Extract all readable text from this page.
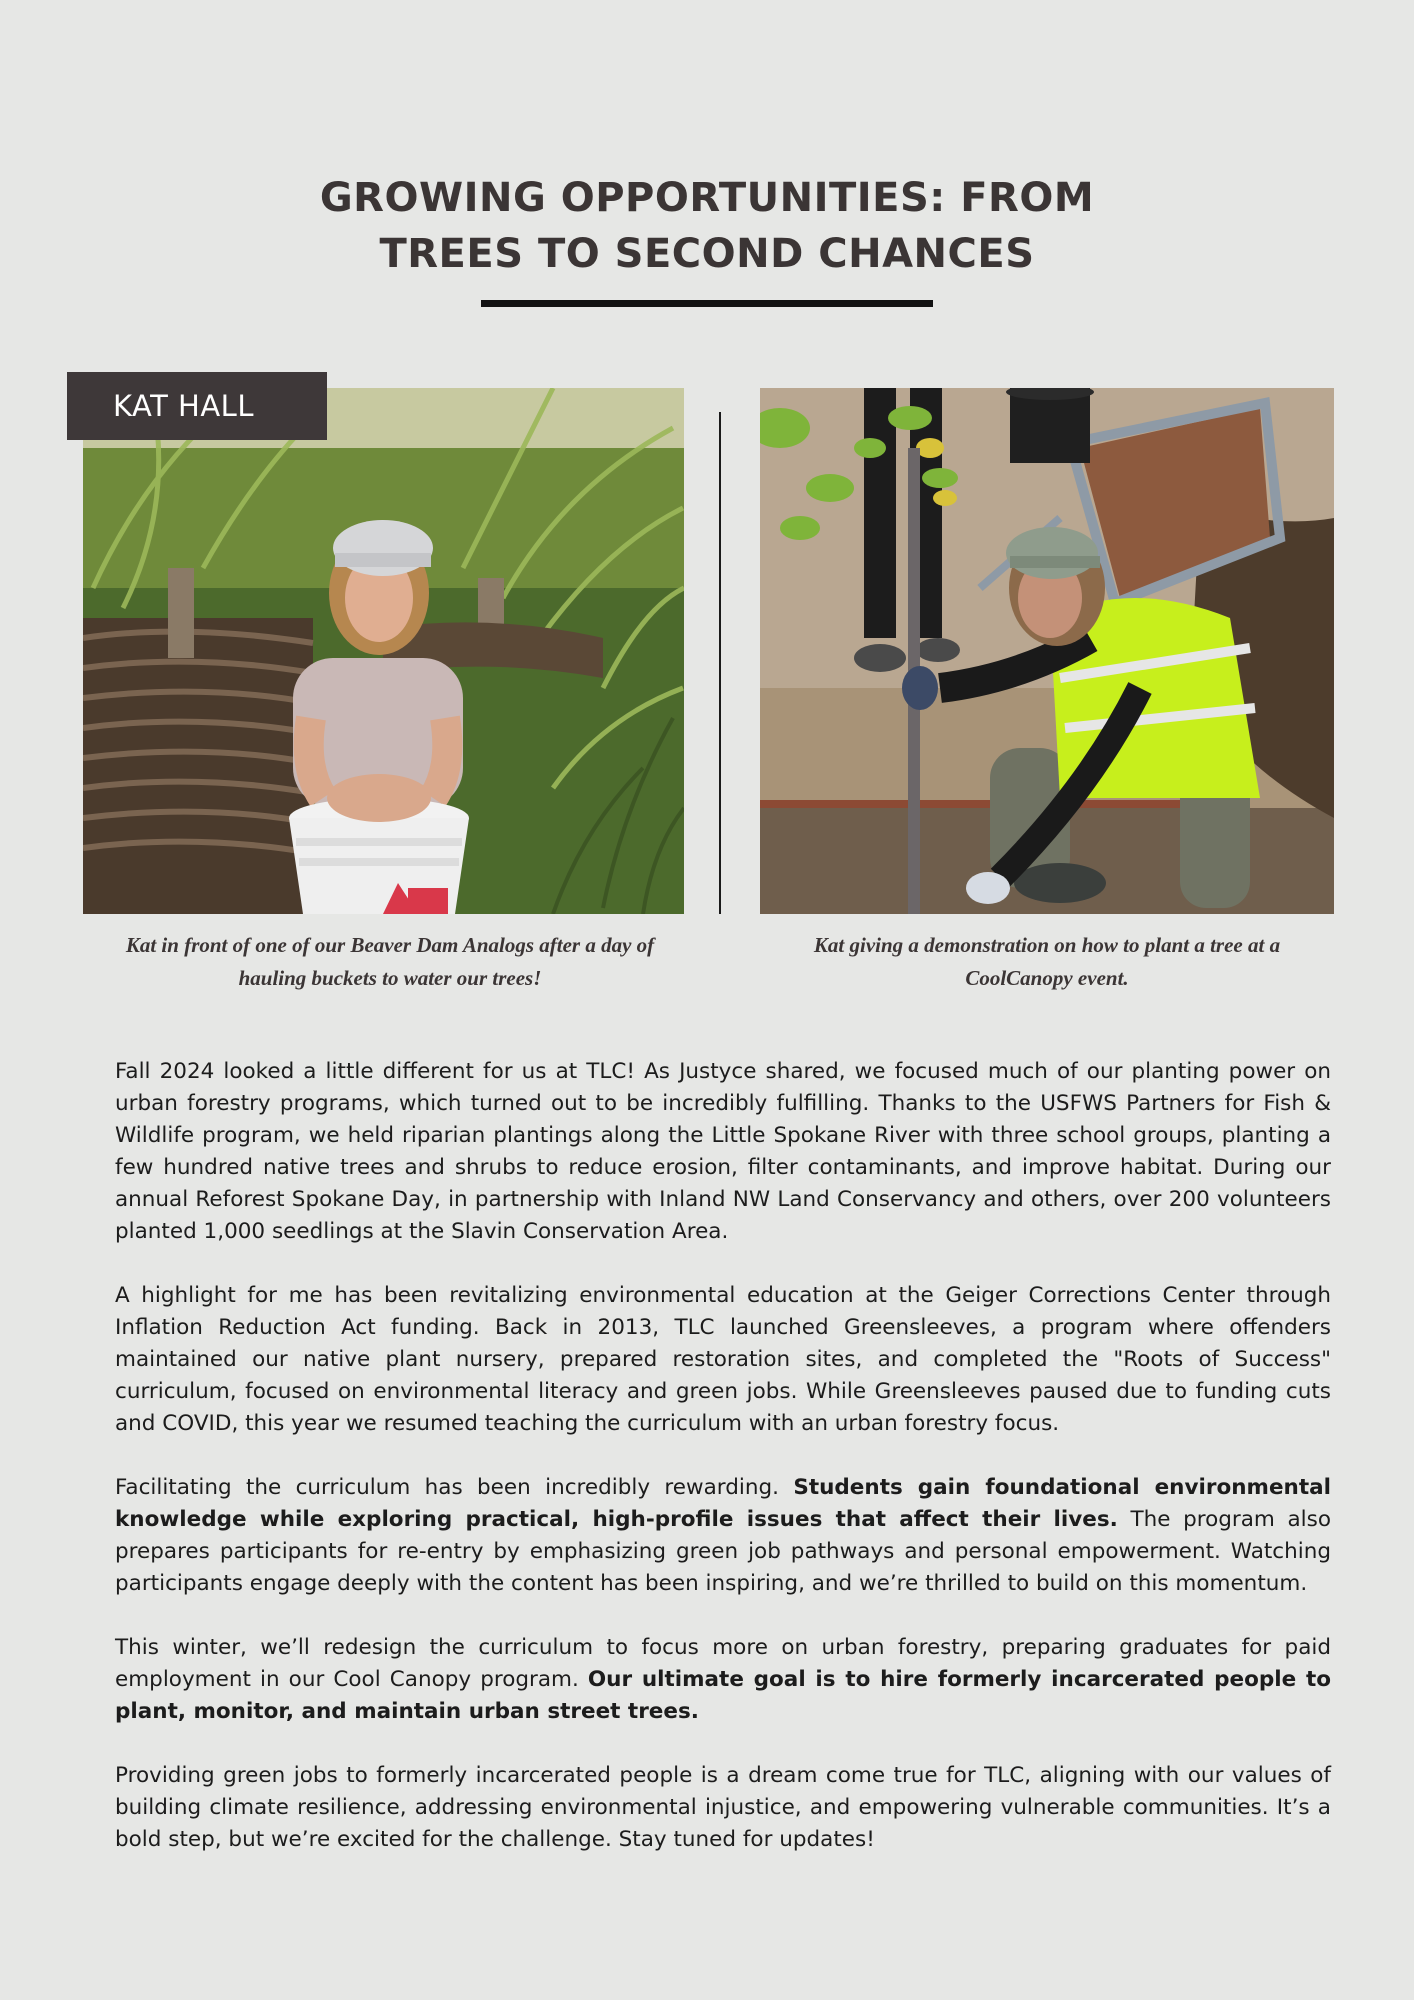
GROWING OPPORTUNITIES: FROM
TREES TO SECOND CHANCES
KAT HALL
Kat in front of one of our Beaver Dam Analogs after a day of hauling buckets to water our trees!
Kat giving a demonstration on how to plant a tree at a CoolCanopy event.

Fall 2024 looked a little different for us at TLC! As Justyce shared, we focused much of our planting power on urban forestry programs, which turned out to be incredibly fulfilling. Thanks to the USFWS Partners for Fish & Wildlife program, we held riparian plantings along the Little Spokane River with three school groups, planting a few hundred native trees and shrubs to reduce erosion, filter contaminants, and improve habitat. During our annual Reforest Spokane Day, in partnership with Inland NW Land Conservancy and others, over 200 volunteers planted 1,000 seedlings at the Slavin Conservation Area.

A highlight for me has been revitalizing environmental education at the Geiger Corrections Center through Inflation Reduction Act funding. Back in 2013, TLC launched Greensleeves, a program where offenders maintained our native plant nursery, prepared restoration sites, and completed the "Roots of Success" curriculum, focused on environmental literacy and green jobs. While Greensleeves paused due to funding cuts and COVID, this year we resumed teaching the curriculum with an urban forestry focus.

Facilitating the curriculum has been incredibly rewarding. Students gain foundational environmental knowledge while exploring practical, high-profile issues that affect their lives. The program also prepares participants for re-entry by emphasizing green job pathways and personal empowerment. Watching participants engage deeply with the content has been inspiring, and we’re thrilled to build on this momentum.

This winter, we’ll redesign the curriculum to focus more on urban forestry, preparing graduates for paid employment in our Cool Canopy program. Our ultimate goal is to hire formerly incarcerated people to plant, monitor, and maintain urban street trees.

Providing green jobs to formerly incarcerated people is a dream come true for TLC, aligning with our values of building climate resilience, addressing environmental injustice, and empowering vulnerable communities. It’s a bold step, but we’re excited for the challenge. Stay tuned for updates!
